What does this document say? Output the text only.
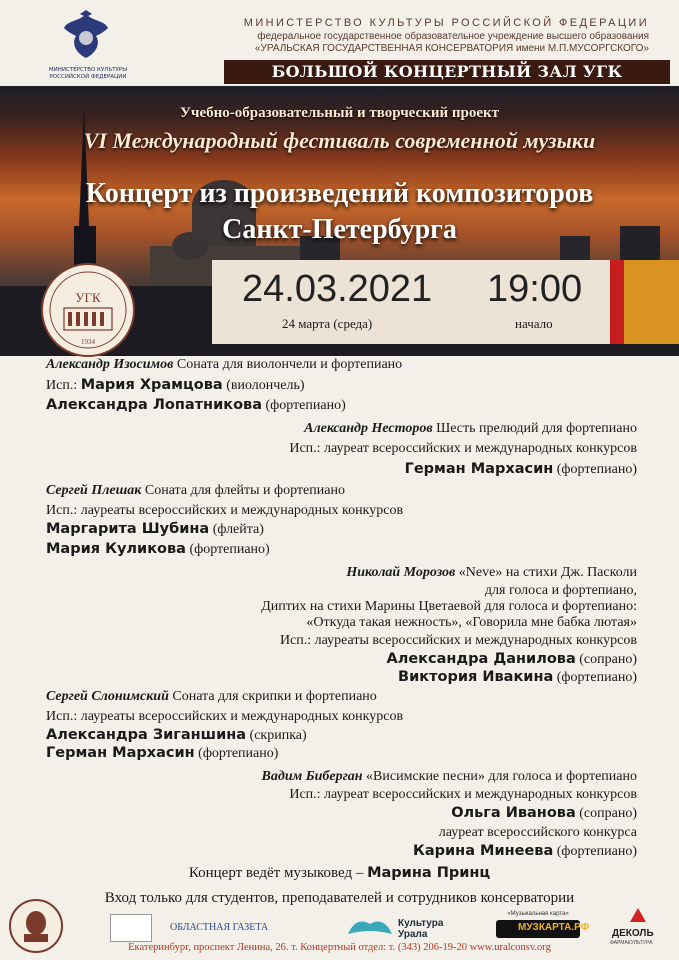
МИНИСТЕРСТВО КУЛЬТУРЫ РОССИЙСКОЙ ФЕДЕРАЦИИ
МИНИСТЕРСТВО КУЛЬТУРЫ РОССИЙСКОЙ ФЕДЕРАЦИИ
федеральное государственное образовательное учреждение высшего образования
«УРАЛЬСКАЯ ГОСУДАРСТВЕННАЯ КОНСЕРВАТОРИЯ имени М.П.МУСОРГСКОГО»
БОЛЬШОЙ КОНЦЕРТНЫЙ ЗАЛ УГК
Учебно-образовательный и творческий проект
VI Международный фестиваль современной музыки
Концерт из произведений композиторов
Санкт-Петербурга
24.03.2021 19:00
24 марта (среда)	начало
УГК
1934
Александр Изосимов Соната для виолончели и фортепиано
Исп.: Мария Храмцова (виолончель)
Александра Лопатникова (фортепиано)
Александр Несторов Шесть прелюдий для фортепиано
Исп.: лауреат всероссийских и международных конкурсов
Герман Мархасин (фортепиано)
Сергей Плешак Соната для флейты и фортепиано
Исп.: лауреаты всероссийских и международных конкурсов
Маргарита Шубина (флейта)
Мария Куликова (фортепиано)
Николай Морозов «Neve» на стихи Дж. Пасколи
для голоса и фортепиано,
Диптих на стихи Марины Цветаевой для голоса и фортепиано:
«Откуда такая нежность», «Говорила мне бабка лютая»
Исп.: лауреаты всероссийских и международных конкурсов
Александра Данилова (сопрано)
Виктория Ивакина (фортепиано)
Сергей Слонимский Соната для скрипки и фортепиано
Исп.: лауреаты всероссийских и международных конкурсов
Александра Зиганшина (скрипка)
Герман Мархасин (фортепиано)
Вадим Биберган «Висимские песни» для голоса и фортепиано
Исп.: лауреат всероссийских и международных конкурсов
Ольга Иванова (сопрано)
лауреат всероссийского конкурса
Карина Минеева (фортепиано)
Концерт ведёт музыковед – Марина Принц
Вход только для студентов, преподавателей и сотрудников консерватории
ОБЛАСТНАЯ ГАЗЕТА	Культура Урала
«Музыкальная карта»
МУЗКАРТА.РФ
ДЕКОЛЬ
ФАРМАКУЛЬТУРА
Екатеринбург, проспект Ленина, 26. т. Концертный отдел: т. (343) 206-19-20 www.uralconsv.org
